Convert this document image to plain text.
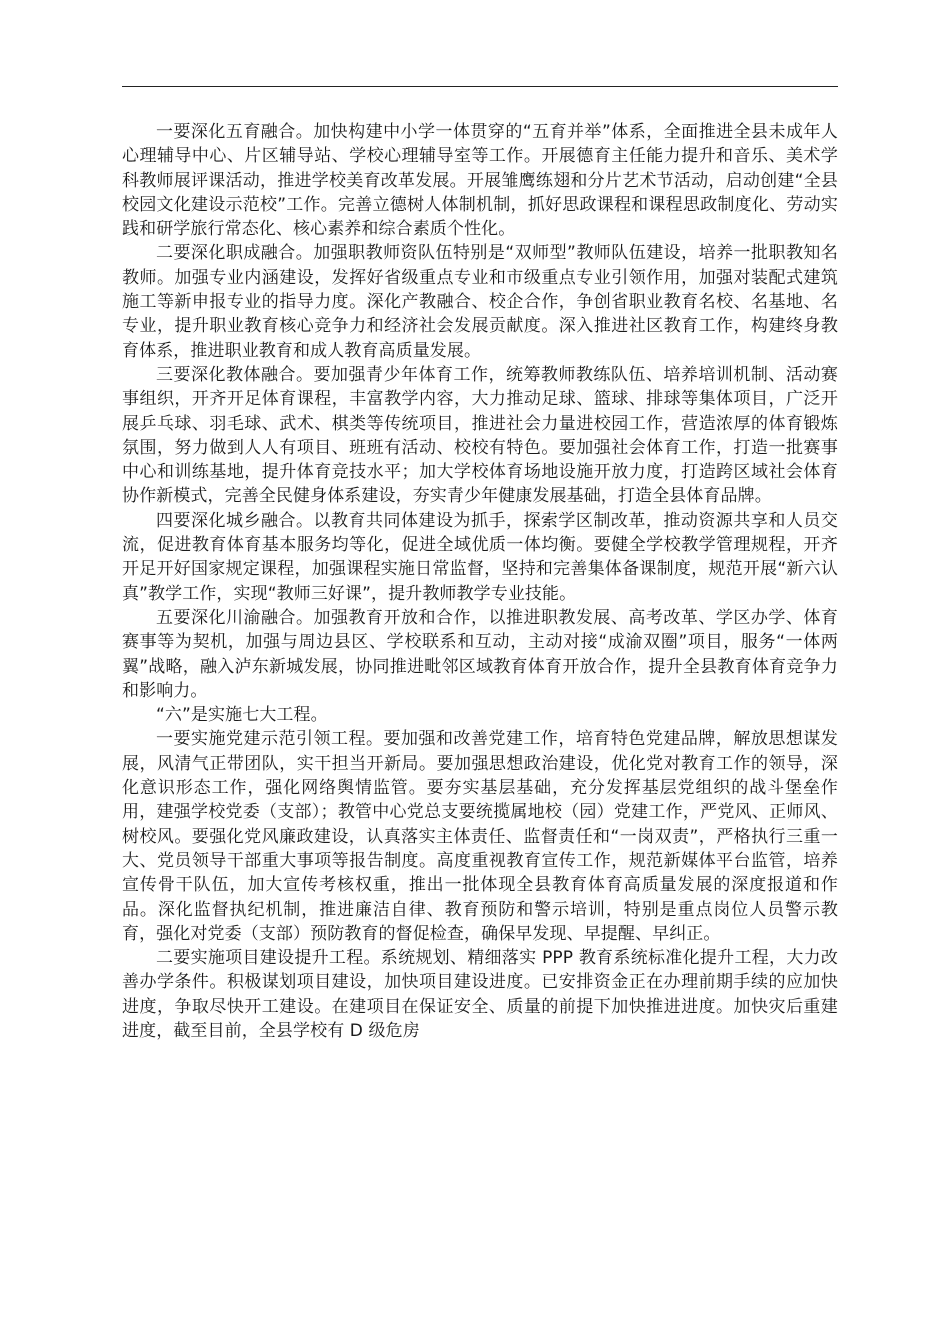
一要深化五育融合。加快构建中小学一体贯穿的“五育并举”体系，全面推进全县未成年人心理辅导中心、片区辅导站、学校心理辅导室等工作。开展德育主任能力提升和音乐、美术学科教师展评课活动，推进学校美育改革发展。开展雏鹰练翅和分片艺术节活动，启动创建“全县校园文化建设示范校”工作。完善立德树人体制机制，抓好思政课程和课程思政制度化、劳动实践和研学旅行常态化、核心素养和综合素质个性化。

二要深化职成融合。加强职教师资队伍特别是“双师型”教师队伍建设，培养一批职教知名教师。加强专业内涵建设，发挥好省级重点专业和市级重点专业引领作用，加强对装配式建筑施工等新申报专业的指导力度。深化产教融合、校企合作，争创省职业教育名校、名基地、名专业，提升职业教育核心竞争力和经济社会发展贡献度。深入推进社区教育工作，构建终身教育体系，推进职业教育和成人教育高质量发展。

三要深化教体融合。要加强青少年体育工作，统筹教师教练队伍、培养培训机制、活动赛事组织，开齐开足体育课程，丰富教学内容，大力推动足球、篮球、排球等集体项目，广泛开展乒乓球、羽毛球、武术、棋类等传统项目，推进社会力量进校园工作，营造浓厚的体育锻炼氛围，努力做到人人有项目、班班有活动、校校有特色。要加强社会体育工作，打造一批赛事中心和训练基地，提升体育竞技水平；加大学校体育场地设施开放力度，打造跨区域社会体育协作新模式，完善全民健身体系建设，夯实青少年健康发展基础，打造全县体育品牌。

四要深化城乡融合。以教育共同体建设为抓手，探索学区制改革，推动资源共享和人员交流，促进教育体育基本服务均等化，促进全域优质一体均衡。要健全学校教学管理规程，开齐开足开好国家规定课程，加强课程实施日常监督，坚持和完善集体备课制度，规范开展“新六认真”教学工作，实现“教师三好课”，提升教师教学专业技能。

五要深化川渝融合。加强教育开放和合作，以推进职教发展、高考改革、学区办学、体育赛事等为契机，加强与周边县区、学校联系和互动，主动对接“成渝双圈”项目，服务“一体两翼”战略，融入泸东新城发展，协同推进毗邻区域教育体育开放合作，提升全县教育体育竞争力和影响力。

“六”是实施七大工程。

一要实施党建示范引领工程。要加强和改善党建工作，培育特色党建品牌，解放思想谋发展，风清气正带团队，实干担当开新局。要加强思想政治建设，优化党对教育工作的领导，深化意识形态工作，强化网络舆情监管。要夯实基层基础，充分发挥基层党组织的战斗堡垒作用，建强学校党委（支部）；教管中心党总支要统揽属地校（园）党建工作，严党风、正师风、树校风。要强化党风廉政建设，认真落实主体责任、监督责任和“一岗双责”，严格执行三重一大、党员领导干部重大事项等报告制度。高度重视教育宣传工作，规范新媒体平台监管，培养宣传骨干队伍，加大宣传考核权重，推出一批体现全县教育体育高质量发展的深度报道和作品。深化监督执纪机制，推进廉洁自律、教育预防和警示培训，特别是重点岗位人员警示教育，强化对党委（支部）预防教育的督促检查，确保早发现、早提醒、早纠正。

二要实施项目建设提升工程。系统规划、精细落实 PPP 教育系统标准化提升工程，大力改善办学条件。积极谋划项目建设，加快项目建设进度。已安排资金正在办理前期手续的应加快进度，争取尽快开工建设。在建项目在保证安全、质量的前提下加快推进进度。加快灾后重建进度，截至目前，全县学校有 D 级危房
